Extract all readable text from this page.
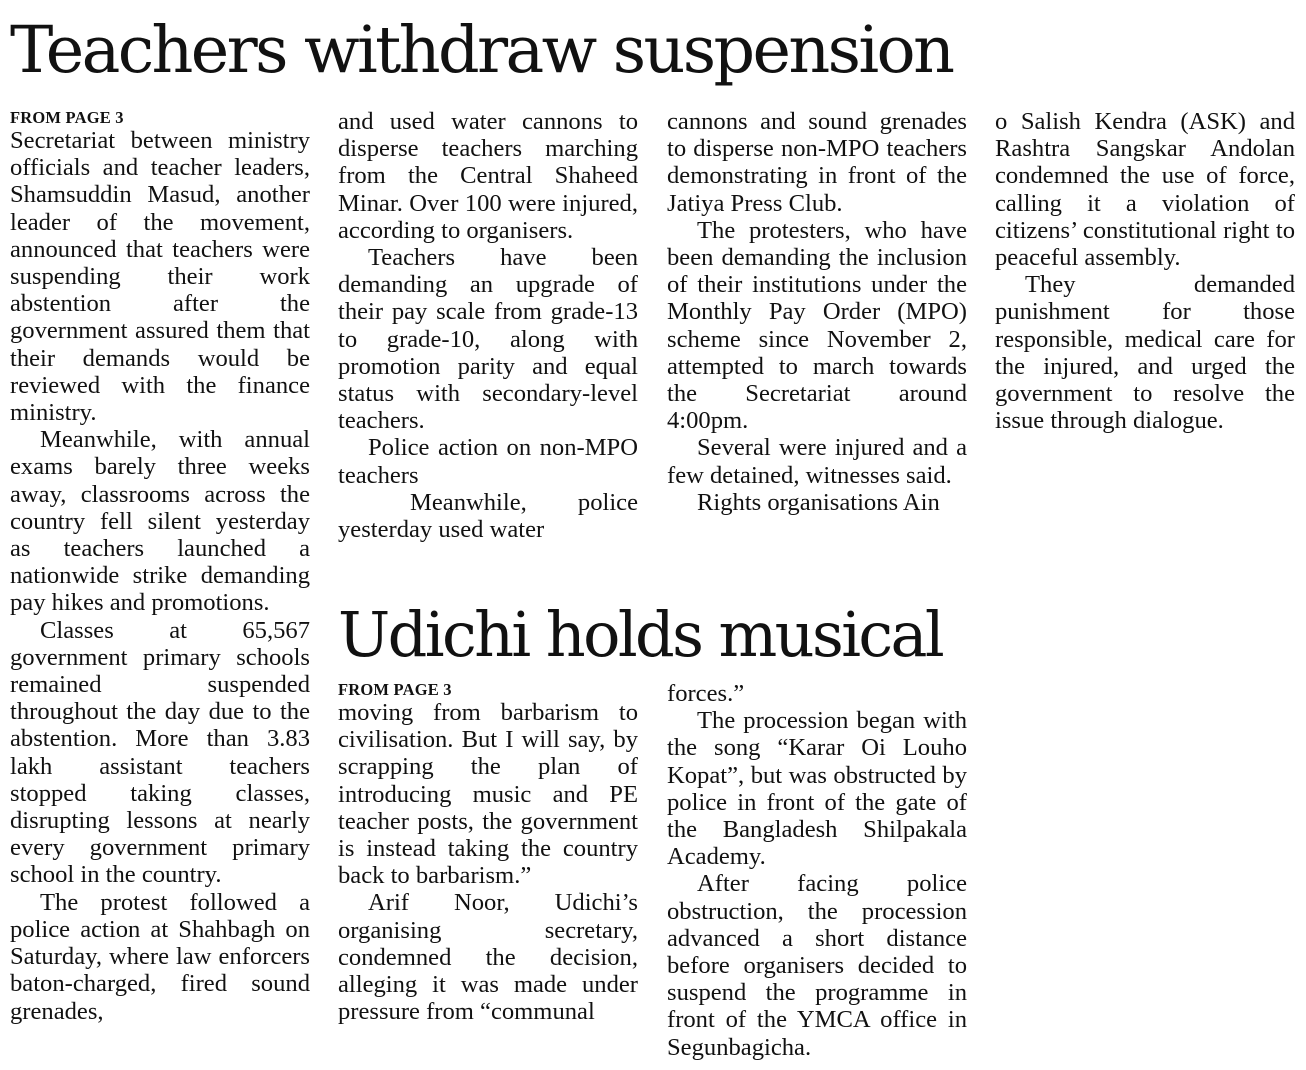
Teachers withdraw suspension
FROM PAGE 3

Secretariat between ministry officials and teacher leaders, Shamsuddin Masud, another leader of the movement, announced that teachers were suspending their work abstention after the government assured them that their demands would be reviewed with the finance ministry.

Meanwhile, with annual exams barely three weeks away, classrooms across the country fell silent yesterday as teachers launched a nationwide strike demanding pay hikes and promotions.

Classes at 65,567 government primary schools remained suspended throughout the day due to the abstention. More than 3.83 lakh assistant teachers stopped taking classes, disrupting lessons at nearly every government primary school in the country.

The protest followed a police action at Shahbagh on Saturday, where law enforcers baton-charged, fired sound grenades,

and used water cannons to disperse teachers marching from the Central Shaheed Minar. Over 100 were injured, according to organisers.

Teachers have been demanding an upgrade of their pay scale from grade-13 to grade-10, along with promotion parity and equal status with secondary-level teachers.

Police action on non-MPO teachers

Meanwhile, police yesterday used water

cannons and sound grenades to disperse non-MPO teachers demonstrating in front of the Jatiya Press Club.

The protesters, who have been demanding the inclusion of their institutions under the Monthly Pay Order (MPO) scheme since November 2, attempted to march towards the Secretariat around 4:00pm.

Several were injured and a few detained, witnesses said.

Rights organisations Ain

o Salish Kendra (ASK) and Rashtra Sangskar Andolan condemned the use of force, calling it a violation of citizens’ constitutional right to peaceful assembly.

They demanded punishment for those responsible, medical care for the injured, and urged the government to resolve the issue through dialogue.

Udichi holds musical
FROM PAGE 3

moving from barbarism to civilisation. But I will say, by scrapping the plan of introducing music and PE teacher posts, the government is instead taking the country back to barbarism.”

Arif Noor, Udichi’s organising secretary, condemned the decision, alleging it was made under pressure from “communal

forces.”

The procession began with the song “Karar Oi Louho Kopat”, but was obstructed by police in front of the gate of the Bangladesh Shilpakala Academy.

After facing police obstruction, the procession advanced a short distance before organisers decided to suspend the programme in front of the YMCA office in Segunbagicha.
